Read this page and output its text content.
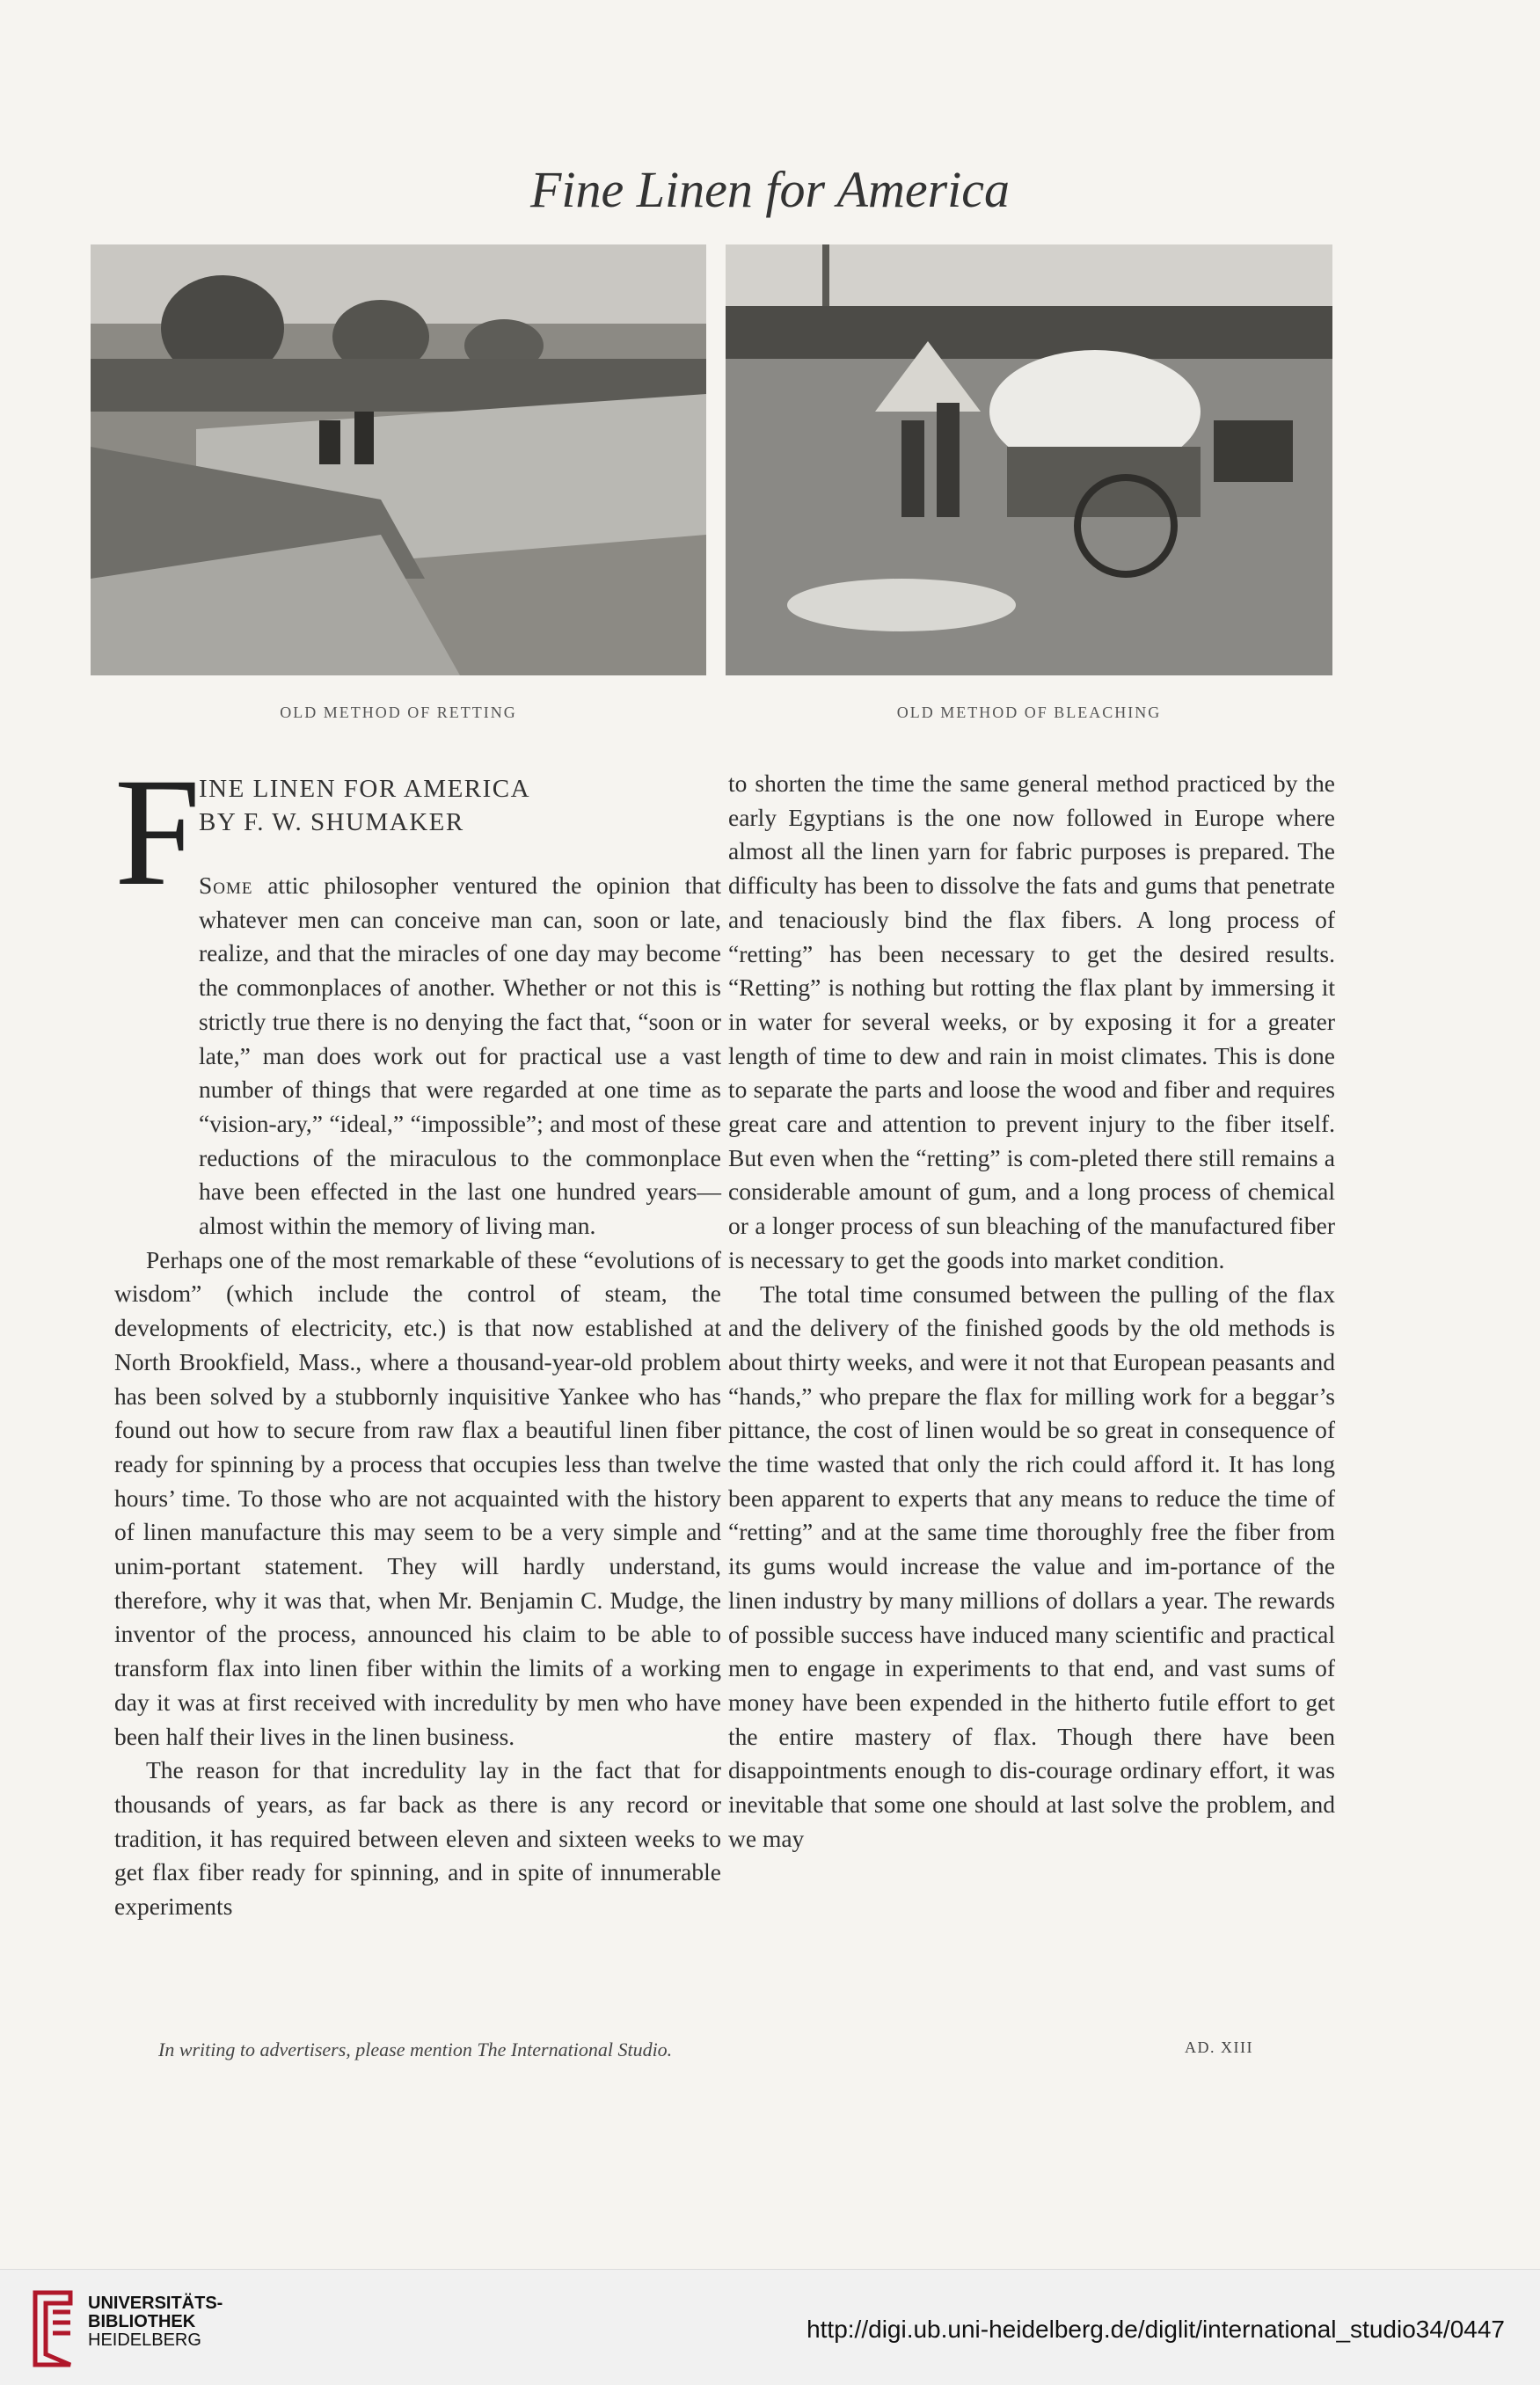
Fine Linen for America
OLD METHOD OF RETTING	OLD METHOD OF BLEACHING
F
INE LINEN FOR AMERICA
BY F. W. SHUMAKER

Some attic philosopher ventured the opinion that whatever men can conceive man can, soon or late, realize, and that the miracles of one day may become the commonplaces of another. Whether or not this is strictly true there is no denying the fact that, “soon or late,” man does work out for practical use a vast number of things that were regarded at one time as “vision-ary,” “ideal,” “impossible”; and most of these reductions of the miraculous to the commonplace have been effected in the last one hundred years—almost within the memory of living man.

Perhaps one of the most remarkable of these “evolutions of wisdom” (which include the control of steam, the developments of electricity, etc.) is that now established at North Brookfield, Mass., where a thousand-year-old problem has been solved by a stubbornly inquisitive Yankee who has found out how to secure from raw flax a beautiful linen fiber ready for spinning by a process that occupies less than twelve hours’ time. To those who are not acquainted with the history of linen manufacture this may seem to be a very simple and unim-portant statement. They will hardly understand, therefore, why it was that, when Mr. Benjamin C. Mudge, the inventor of the process, announced his claim to be able to transform flax into linen fiber within the limits of a working day it was at first received with incredulity by men who have been half their lives in the linen business.

The reason for that incredulity lay in the fact that for thousands of years, as far back as there is any record or tradition, it has required between eleven and sixteen weeks to get flax fiber ready for spinning, and in spite of innumerable experiments

to shorten the time the same general method practiced by the early Egyptians is the one now followed in Europe where almost all the linen yarn for fabric purposes is prepared. The difficulty has been to dissolve the fats and gums that penetrate and tenaciously bind the flax fibers. A long process of “retting” has been necessary to get the desired results. “Retting” is nothing but rotting the flax plant by immersing it in water for several weeks, or by exposing it for a greater length of time to dew and rain in moist climates. This is done to separate the parts and loose the wood and fiber and requires great care and attention to prevent injury to the fiber itself. But even when the “retting” is com-pleted there still remains a considerable amount of gum, and a long process of chemical or a longer process of sun bleaching of the manufactured fiber is necessary to get the goods into market condition.

The total time consumed between the pulling of the flax and the delivery of the finished goods by the old methods is about thirty weeks, and were it not that European peasants and “hands,” who prepare the flax for milling work for a beggar’s pittance, the cost of linen would be so great in consequence of the time wasted that only the rich could afford it. It has long been apparent to experts that any means to reduce the time of “retting” and at the same time thoroughly free the fiber from its gums would increase the value and im-portance of the linen industry by many millions of dollars a year. The rewards of possible success have induced many scientific and practical men to engage in experiments to that end, and vast sums of money have been expended in the hitherto futile effort to get the entire mastery of flax. Though there have been disappointments enough to dis-courage ordinary effort, it was inevitable that some one should at last solve the problem, and we may

In writing to advertisers, please mention The International Studio.	AD. XIII
UNIVERSITÄTS-
BIBLIOTHEK
HEIDELBERG	http://digi.ub.uni-heidelberg.de/diglit/international_studio34/0447
